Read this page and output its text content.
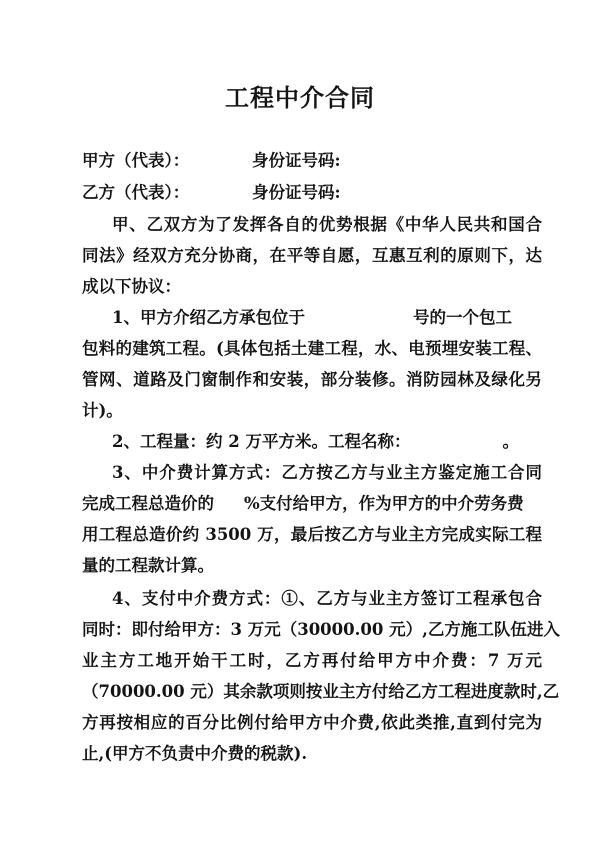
工程中介合同
甲方（代表）：	身份证号码:
乙方（代表）：	身份证号码:
甲、乙双方为了发挥各自的优势根据《中华人民共和国合
同法》经双方充分协商，在平等自愿，互惠互利的原则下，达
成以下协议：
1、甲方介绍乙方承包位于	号的一个包工
包料的建筑工程。(具体包括土建工程，水、电预埋安装工程、
管网、道路及门窗制作和安装，部分装修。消防园林及绿化另
计)。
2、工程量：约 2 万平方米。工程名称：	。
3、中介费计算方式：乙方按乙方与业主方鉴定施工合同
完成工程总造价的 %支付给甲方，作为甲方的中介劳务费
用工程总造价约 3500 万，最后按乙方与业主方完成实际工程
量的工程款计算。
4、支付中介费方式：①、乙方与业主方签订工程承包合
同时：即付给甲方：3 万元（30000.00 元）,乙方施工队伍进入
业主方工地开始干工时，乙方再付给甲方中介费：7 万元
（70000.00 元）其余款项则按业主方付给乙方工程进度款时,乙
方再按相应的百分比例付给甲方中介费,依此类推,直到付完为
止,(甲方不负责中介费的税款).
